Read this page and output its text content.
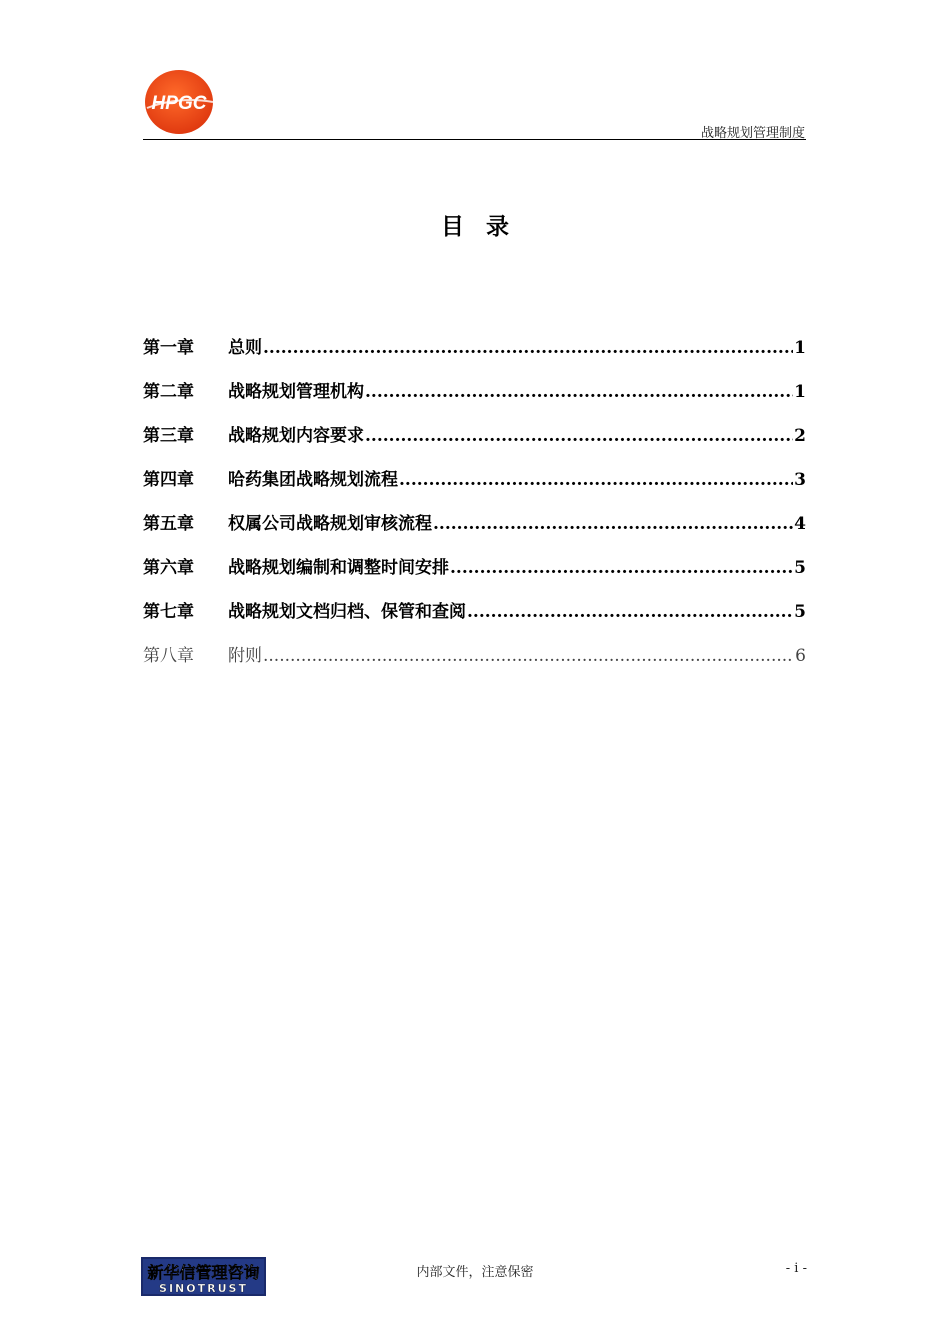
HPGC
战略规划管理制度
目录
第一章	总则 .....	1
第二章	战略规划管理机构 .....	1
第三章	战略规划内容要求 .....	2
第四章	哈药集团战略规划流程 .....	3
第五章	权属公司战略规划审核流程 .....	4
第六章	战略规划编制和调整时间安排 .....	5
第七章	战略规划文档归档、保管和查阅 .....	5
第八章	附则 .....	6
新华信管理咨询
SINOTRUST
内部文件，注意保密	- i -
